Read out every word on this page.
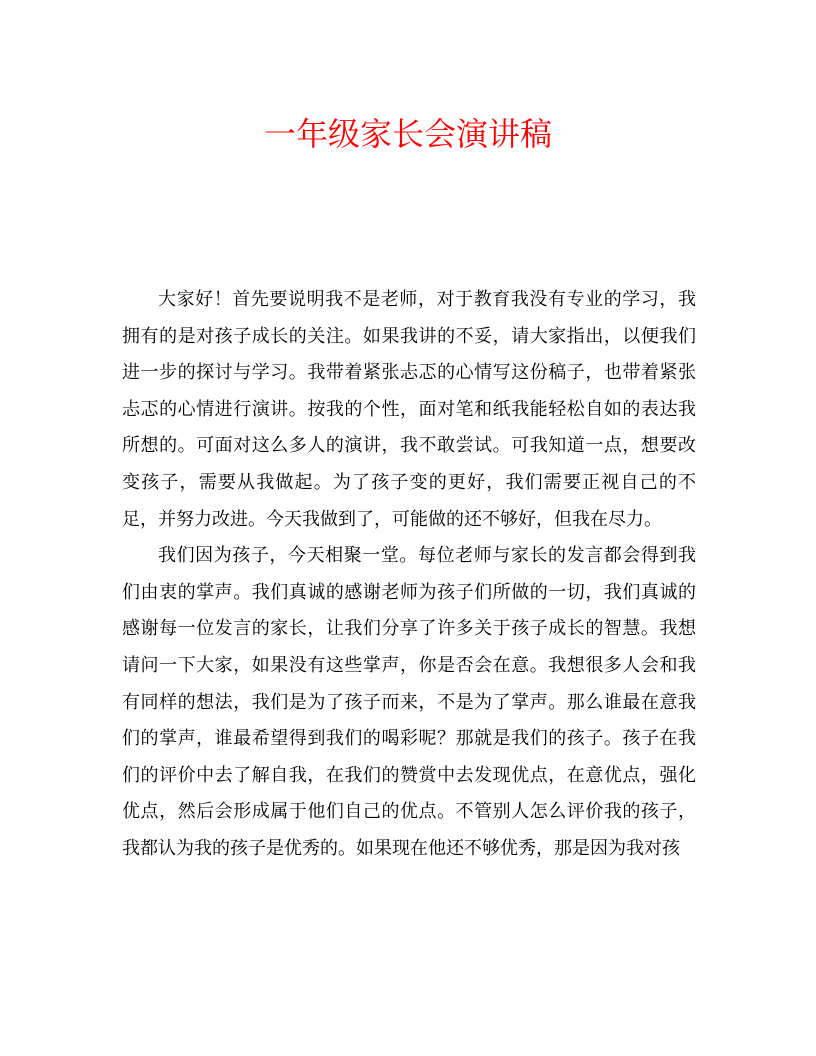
一年级家长会演讲稿

大家好！首先要说明我不是老师，对于教育我没有专业的学习，我拥有的是对孩子成长的关注。如果我讲的不妥，请大家指出，以便我们进一步的探讨与学习。我带着紧张忐忑的心情写这份稿子，也带着紧张忐忑的心情进行演讲。按我的个性，面对笔和纸我能轻松自如的表达我所想的。可面对这么多人的演讲，我不敢尝试。可我知道一点，想要改变孩子，需要从我做起。为了孩子变的更好，我们需要正视自己的不足，并努力改进。今天我做到了，可能做的还不够好，但我在尽力。

我们因为孩子，今天相聚一堂。每位老师与家长的发言都会得到我们由衷的掌声。我们真诚的感谢老师为孩子们所做的一切，我们真诚的感谢每一位发言的家长，让我们分享了许多关于孩子成长的智慧。我想请问一下大家，如果没有这些掌声，你是否会在意。我想很多人会和我有同样的想法，我们是为了孩子而来，不是为了掌声。那么谁最在意我们的掌声，谁最希望得到我们的喝彩呢？那就是我们的孩子。孩子在我们的评价中去了解自我，在我们的赞赏中去发现优点，在意优点，强化优点，然后会形成属于他们自己的优点。不管别人怎么评价我的孩子，我都认为我的孩子是优秀的。如果现在他还不够优秀，那是因为我对孩
